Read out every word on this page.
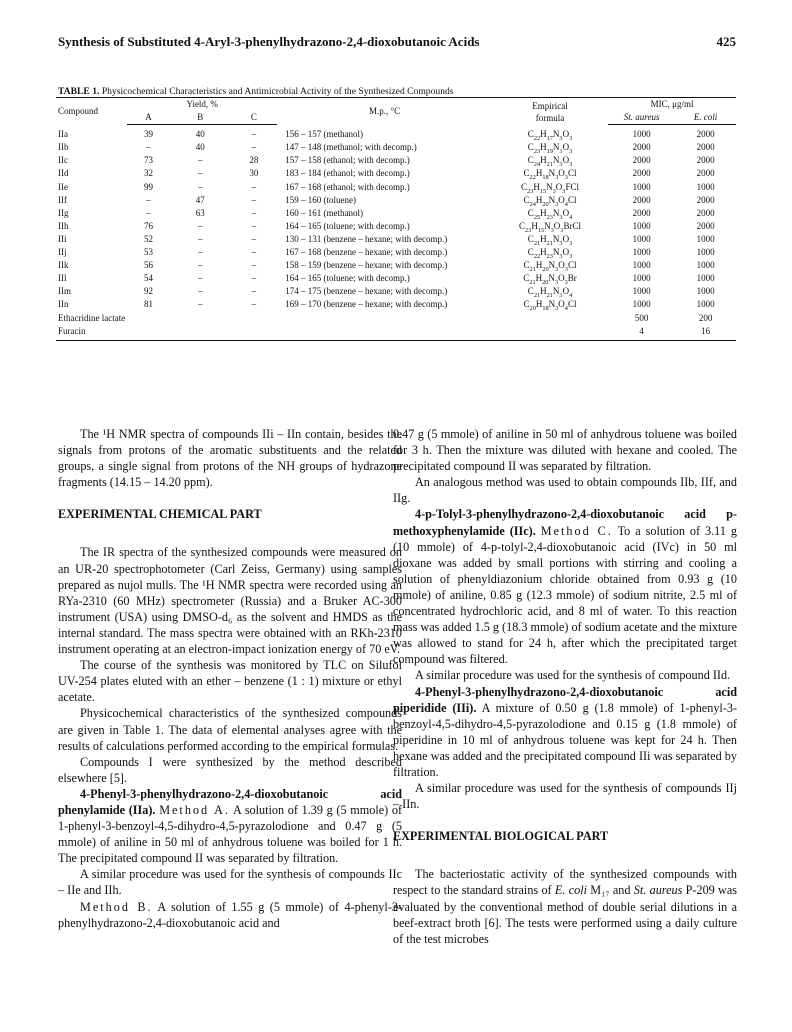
Synthesis of Substituted 4-Aryl-3-phenylhydrazono-2,4-dioxobutanoic Acids	425
TABLE 1. Physicochemical Characteristics and Antimicrobial Activity of the Synthesized Compounds
Compound	Yield, %			M.p., °C	Empirical
formula	MIC, μg/ml	
	A	B	C			St. aureus	E. coli
IIa	39	40	–	156 – 157 (methanol)	$C_{22}H_{17}N_3O_3$	1000	2000
IIb	–	40	–	147 – 148 (methanol; with decomp.)	$C_{23}H_{19}N_3O_3$	2000	2000
IIc	73	–	28	157 – 158 (ethanol; with decomp.)	$C_{24}H_{21}N_3O_3$	2000	2000
IId	32	–	30	183 – 184 (ethanol; with decomp.)	$C_{22}H_{18}N_3O_3Cl$	2000	2000
IIe	99	–	–	167 – 168 (ethanol; with decomp.)	$C_{23}H_{15}N_3O_3FCl$	1000	1000
IIf	–	47	–	159 – 160 (toluene)	$C_{24}H_{20}N_3O_4Cl$	2000	2000
IIg	–	63	–	160 – 161 (methanol)	$C_{25}H_{23}N_3O_4$	2000	2000
IIh	76	–	–	164 – 165 (toluene; with decomp.)	$C_{23}H_{15}N_3O_3BrCl$	1000	2000
IIi	52	–	–	130 – 131 (benzene – hexane; with decomp.)	$C_{21}H_{21}N_3O_3$	1000	1000
IIj	53	–	–	167 – 168 (benzene – hexane; with decomp.)	$C_{22}H_{23}N_3O_3$	1000	1000
IIk	56	–	–	158 – 159 (benzene – hexane; with decomp.)	$C_{21}H_{20}N_3O_3Cl$	1000	1000
IIl	54	–	–	164 – 165 (toluene; with decomp.)	$C_{21}H_{20}N_3O_3Br$	1000	1000
IIm	92	–	–	174 – 175 (benzene – hexane; with decomp.)	$C_{21}H_{21}N_3O_4$	1000	1000
IIn	81	–	–	169 – 170 (benzene – hexane; with decomp.)	$C_{20}H_{18}N_3O_4Cl$	1000	1000
Ethacridine lactate						500	200
Furacin						4	16

The ¹H NMR spectra of compounds IIi – IIn contain, besides the signals from protons of the aromatic substituents and the related groups, a single signal from protons of the NH groups of hydrazone fragments (14.15 – 14.20 ppm).

EXPERIMENTAL CHEMICAL PART

The IR spectra of the synthesized compounds were measured on an UR-20 spectrophotometer (Carl Zeiss, Germany) using samples prepared as nujol mulls. The ¹H NMR spectra were recorded using an RYa-2310 (60 MHz) spectrometer (Russia) and a Bruker AC-300 instrument (USA) using DMSO-d₆ as the solvent and HMDS as the internal standard. The mass spectra were obtained with an RKh-2310 instrument operating at an electron-impact ionization energy of 70 eV.

The course of the synthesis was monitored by TLC on Silufol UV-254 plates eluted with an ether – benzene (1 : 1) mixture or ethyl acetate.

Physicochemical characteristics of the synthesized compounds are given in Table 1. The data of elemental analyses agree with the results of calculations performed according to the empirical formulas.

Compounds I were synthesized by the method described elsewhere [5].

4-Phenyl-3-phenylhydrazono-2,4-dioxobutanoic acid phenylamide (IIa). Method A. A solution of 1.39 g (5 mmole) of 1-phenyl-3-benzoyl-4,5-dihydro-4,5-pyrazolodione and 0.47 g (5 mmole) of aniline in 50 ml of anhydrous toluene was boiled for 1 h. The precipitated compound II was separated by filtration.

A similar procedure was used for the synthesis of compounds IIc – IIe and IIh.

Method B. A solution of 1.55 g (5 mmole) of 4-phenyl-3-phenylhydrazono-2,4-dioxobutanoic acid and

0.47 g (5 mmole) of aniline in 50 ml of anhydrous toluene was boiled for 3 h. Then the mixture was diluted with hexane and cooled. The precipitated compound II was separated by filtration.

An analogous method was used to obtain compounds IIb, IIf, and IIg.

4-p-Tolyl-3-phenylhydrazono-2,4-dioxobutanoic acid p-methoxyphenylamide (IIc). Method C. To a solution of 3.11 g (10 mmole) of 4-p-tolyl-2,4-dioxobutanoic acid (IVc) in 50 ml dioxane was added by small portions with stirring and cooling a solution of phenyldiazonium chloride obtained from 0.93 g (10 mmole) of aniline, 0.85 g (12.3 mmole) of sodium nitrite, 2.5 ml of concentrated hydrochloric acid, and 8 ml of water. To this reaction mass was added 1.5 g (18.3 mmole) of sodium acetate and the mixture was allowed to stand for 24 h, after which the precipitated target compound was filtered.

A similar procedure was used for the synthesis of compound IId.

4-Phenyl-3-phenylhydrazono-2,4-dioxobutanoic acid piperidide (IIi). A mixture of 0.50 g (1.8 mmole) of 1-phenyl-3-benzoyl-4,5-dihydro-4,5-pyrazolodione and 0.15 g (1.8 mmole) of piperidine in 10 ml of anhydrous toluene was kept for 24 h. Then hexane was added and the precipitated compound IIi was separated by filtration.

A similar procedure was used for the synthesis of compounds IIj – IIn.

EXPERIMENTAL BIOLOGICAL PART

The bacteriostatic activity of the synthesized compounds with respect to the standard strains of E. coli M₁₇ and St. aureus P-209 was evaluated by the conventional method of double serial dilutions in a beef-extract broth [6]. The tests were performed using a daily culture of the test microbes
